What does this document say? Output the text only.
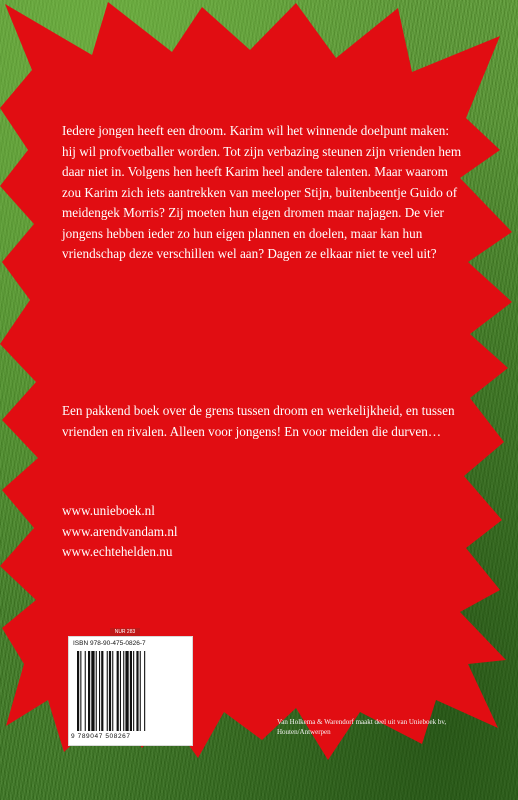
Iedere jongen heeft een droom. Karim wil het winnende doelpunt maken: hij wil profvoetballer worden. Tot zijn verbazing steunen zijn vrienden hem daar niet in. Volgens hen heeft Karim heel andere talenten. Maar waarom zou Karim zich iets aantrekken van meeloper Stijn, buitenbeentje Guido of meidengek Morris? Zij moeten hun eigen dromen maar najagen. De vier jongens hebben ieder zo hun eigen plannen en doelen, maar kan hun vriendschap deze verschillen wel aan? Dagen ze elkaar niet te veel uit?

Een pakkend boek over de grens tussen droom en werkelijkheid, en tussen vrienden en rivalen. Alleen voor jongens! En voor meiden die durven…

www.unieboek.nl
www.arendvandam.nl
www.echtehelden.nu
NUR 283
ISBN 978-90-475-0826-7
9 789047 508267
Van Holkema & Warendorf maakt deel uit van Unieboek bv, Houten/Antwerpen
